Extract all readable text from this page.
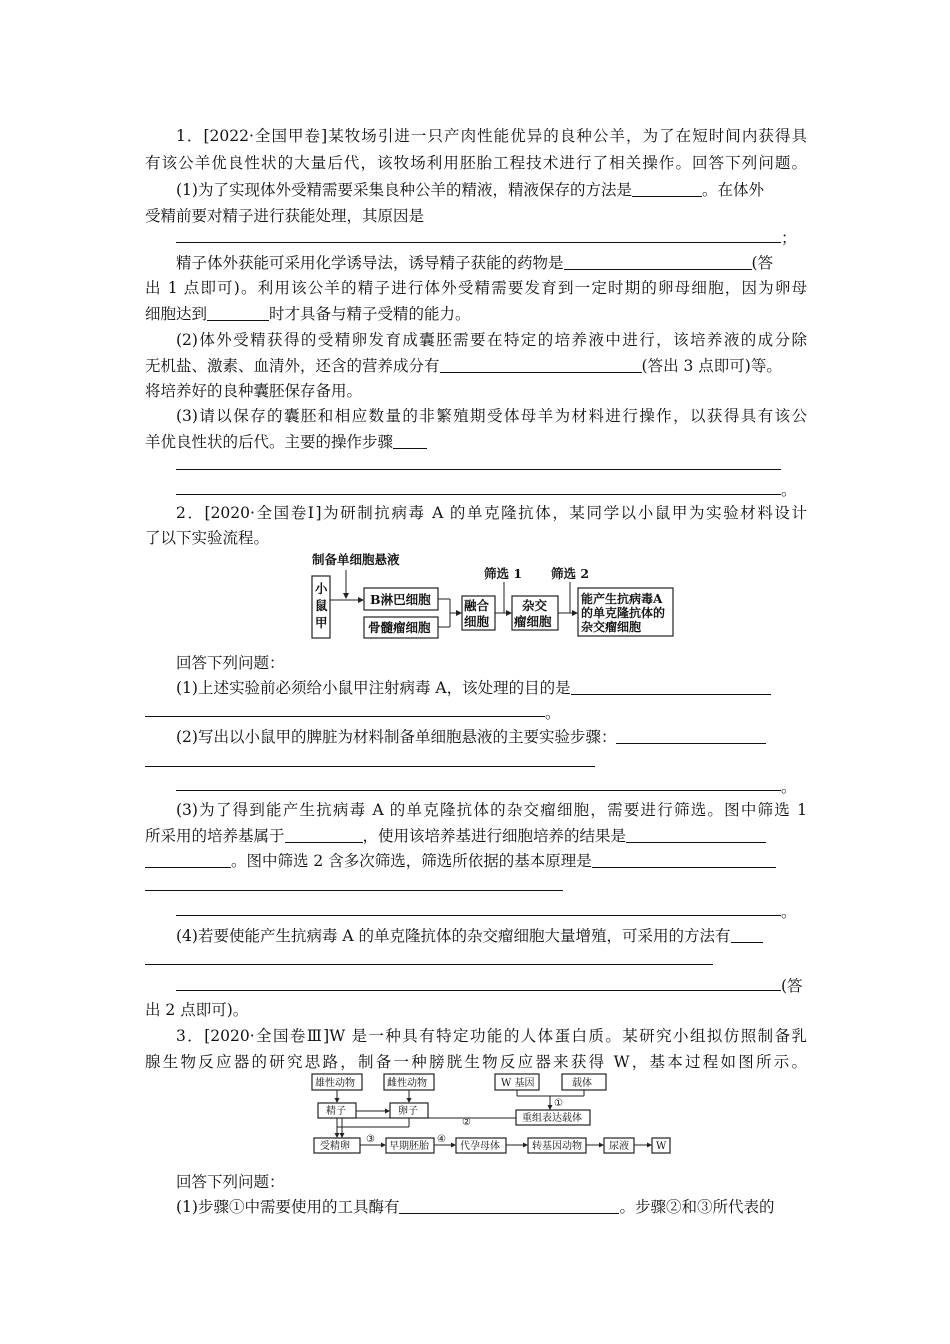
1．[2022·全国甲卷]某牧场引进一只产肉性能优异的良种公羊，为了在短时间内获得具
有该公羊优良性状的大量后代，该牧场利用胚胎工程技术进行了相关操作。回答下列问题。
(1)为了实现体外受精需要采集良种公羊的精液，精液保存的方法是	。在体外
受精前要对精子进行获能处理，其原因是
；
精子体外获能可采用化学诱导法，诱导精子获能的药物是	(答
出 1 点即可)。利用该公羊的精子进行体外受精需要发育到一定时期的卵母细胞，因为卵母
细胞达到	时才具备与精子受精的能力。
(2)体外受精获得的受精卵发育成囊胚需要在特定的培养液中进行，该培养液的成分除
无机盐、激素、血清外，还含的营养成分有	(答出 3 点即可)等。
将培养好的良种囊胚保存备用。
(3)请以保存的囊胚和相应数量的非繁殖期受体母羊为材料进行操作，以获得具有该公
羊优良性状的后代。主要的操作步骤
。
2．[2020·全国卷Ⅰ]为研制抗病毒 A 的单克隆抗体，某同学以小鼠甲为实验材料设计
了以下实验流程。
制备单细胞悬液
小
鼠
甲
B淋巴细胞
骨髓瘤细胞
融合
细胞
筛选 1
杂交
瘤细胞
筛选 2
能产生抗病毒A
的单克隆抗体的
杂交瘤细胞
回答下列问题：
(1)上述实验前必须给小鼠甲注射病毒 A，该处理的目的是
。
(2)写出以小鼠甲的脾脏为材料制备单细胞悬液的主要实验步骤：
。
(3)为了得到能产生抗病毒 A 的单克隆抗体的杂交瘤细胞，需要进行筛选。图中筛选 1
所采用的培养基属于	，使用该培养基进行细胞培养的结果是
。图中筛选 2 含多次筛选，筛选所依据的基本原理是
。
(4)若要使能产生抗病毒 A 的单克隆抗体的杂交瘤细胞大量增殖，可采用的方法有
(答
出 2 点即可)。
3．[2020·全国卷Ⅲ]W 是一种具有特定功能的人体蛋白质。某研究小组拟仿照制备乳
腺生物反应器的研究思路，制备一种膀胱生物反应器来获得 W，基本过程如图所示。
雄性动物	雌性动物	W 基因	载体
①
精子	卵子
重组表达载体
②
受精卵
③
早期胚胎
④
代孕母体	转基因动物	尿液	W
回答下列问题：
(1)步骤①中需要使用的工具酶有	。步骤②和③所代表的
